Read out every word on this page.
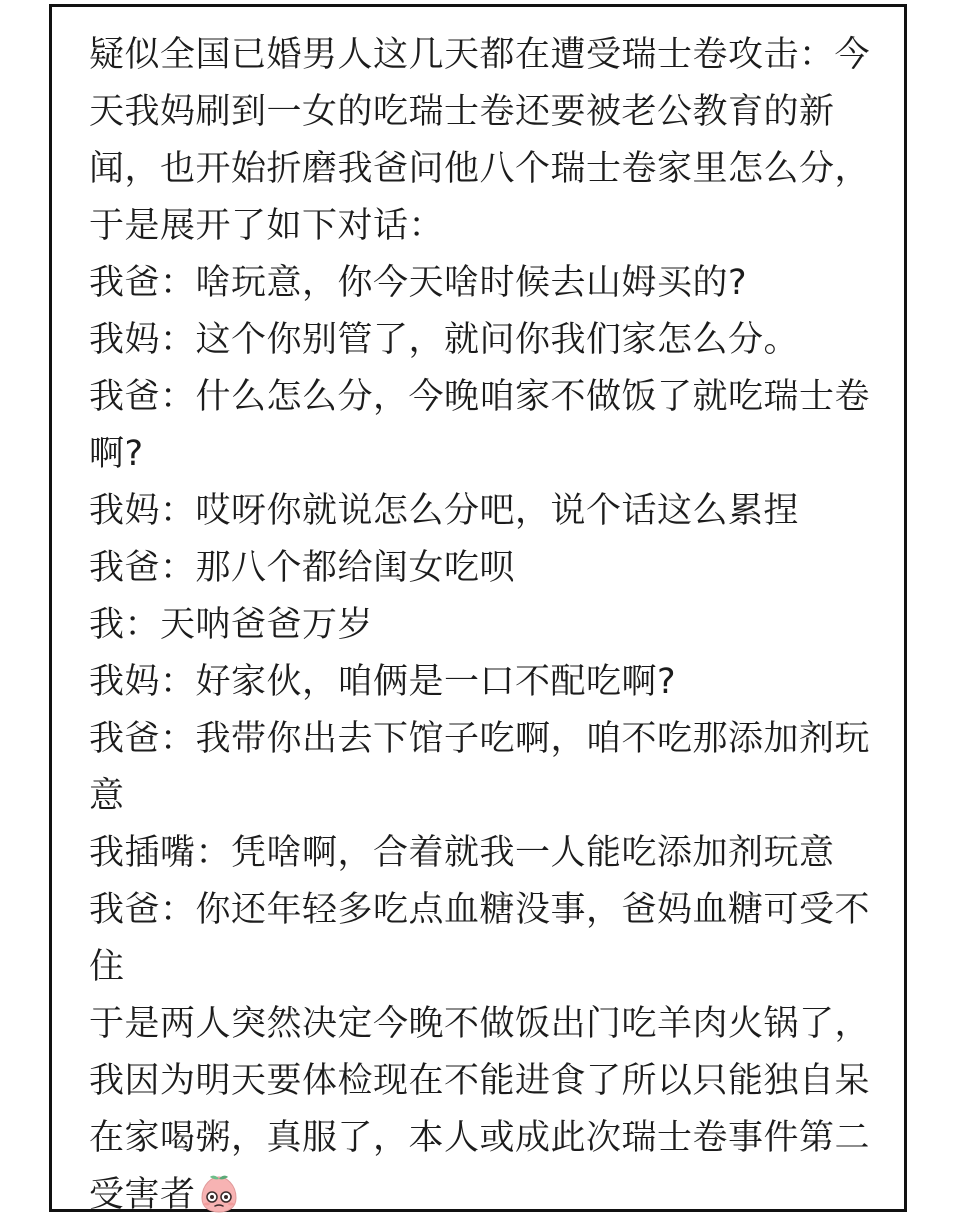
疑似全国已婚男人这几天都在遭受瑞士卷攻击：今
天我妈刷到一女的吃瑞士卷还要被老公教育的新
闻，也开始折磨我爸问他八个瑞士卷家里怎么分，
于是展开了如下对话：
我爸：啥玩意，你今天啥时候去山姆买的?
我妈：这个你别管了，就问你我们家怎么分。
我爸：什么怎么分，今晚咱家不做饭了就吃瑞士卷
啊?
我妈：哎呀你就说怎么分吧，说个话这么累捏
我爸：那八个都给闺女吃呗
我：天呐爸爸万岁
我妈：好家伙，咱俩是一口不配吃啊?
我爸：我带你出去下馆子吃啊，咱不吃那添加剂玩
意
我插嘴：凭啥啊，合着就我一人能吃添加剂玩意
我爸：你还年轻多吃点血糖没事，爸妈血糖可受不
住
于是两人突然决定今晚不做饭出门吃羊肉火锅了，
我因为明天要体检现在不能进食了所以只能独自呆
在家喝粥，真服了，本人或成此次瑞士卷事件第二
受害者
